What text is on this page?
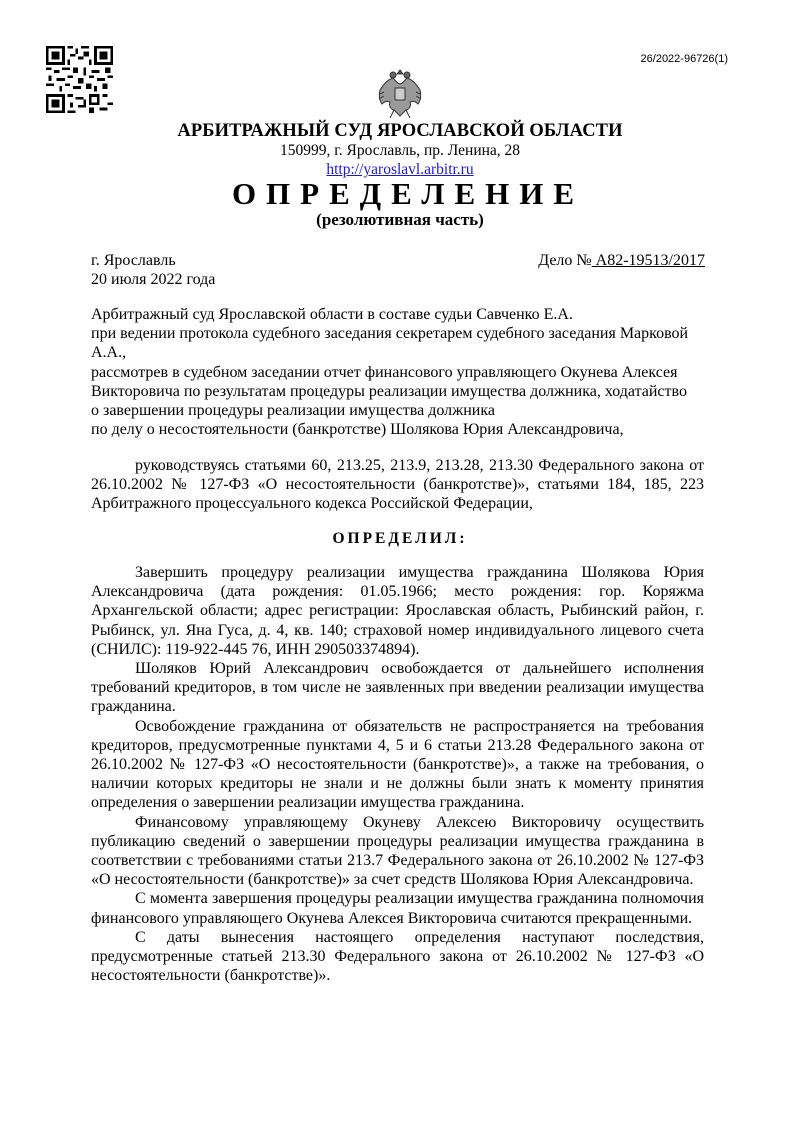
26/2022-96726(1)
АРБИТРАЖНЫЙ СУД ЯРОСЛАВСКОЙ ОБЛАСТИ
150999, г. Ярославль, пр. Ленина, 28
http://yaroslavl.arbitr.ru
ОПРЕДЕЛЕНИЕ
(резолютивная часть)
г. Ярославль
20 июля 2022 года
Дело № А82-19513/2017
Арбитражный суд Ярославской области в составе судьи Савченко Е.А.
при ведении протокола судебного заседания секретарем судебного заседания Марковой
А.А.,
рассмотрев в судебном заседании отчет финансового управляющего Окунева Алексея
Викторовича по результатам процедуры реализации имущества должника, ходатайство
о завершении процедуры реализации имущества должника
по делу о несостоятельности (банкротстве) Шолякова Юрия Александровича,
руководствуясь статьями 60, 213.25, 213.9, 213.28, 213.30 Федерального закона от 26.10.2002 № 127-ФЗ «О несостоятельности (банкротстве)», статьями 184, 185, 223 Арбитражного процессуального кодекса Российской Федерации,
ОПРЕДЕЛИЛ:

Завершить процедуру реализации имущества гражданина Шолякова Юрия Александровича (дата рождения: 01.05.1966; место рождения: гор. Коряжма Архангельской области; адрес регистрации: Ярославская область, Рыбинский район, г. Рыбинск, ул. Яна Гуса, д. 4, кв. 140; страховой номер индивидуального лицевого счета (СНИЛС): 119-922-445 76, ИНН 290503374894).

Шоляков Юрий Александрович освобождается от дальнейшего исполнения требований кредиторов, в том числе не заявленных при введении реализации имущества гражданина.

Освобождение гражданина от обязательств не распространяется на требования кредиторов, предусмотренные пунктами 4, 5 и 6 статьи 213.28 Федерального закона от 26.10.2002 № 127-ФЗ «О несостоятельности (банкротстве)», а также на требования, о наличии которых кредиторы не знали и не должны были знать к моменту принятия определения о завершении реализации имущества гражданина.

Финансовому управляющему Окуневу Алексею Викторовичу осуществить публикацию сведений о завершении процедуры реализации имущества гражданина в соответствии с требованиями статьи 213.7 Федерального закона от 26.10.2002 № 127-ФЗ «О несостоятельности (банкротстве)» за счет средств Шолякова Юрия Александровича.

С момента завершения процедуры реализации имущества гражданина полномочия финансового управляющего Окунева Алексея Викторовича считаются прекращенными.

С даты вынесения настоящего определения наступают последствия, предусмотренные статьей 213.30 Федерального закона от 26.10.2002 № 127-ФЗ «О несостоятельности (банкротстве)».
